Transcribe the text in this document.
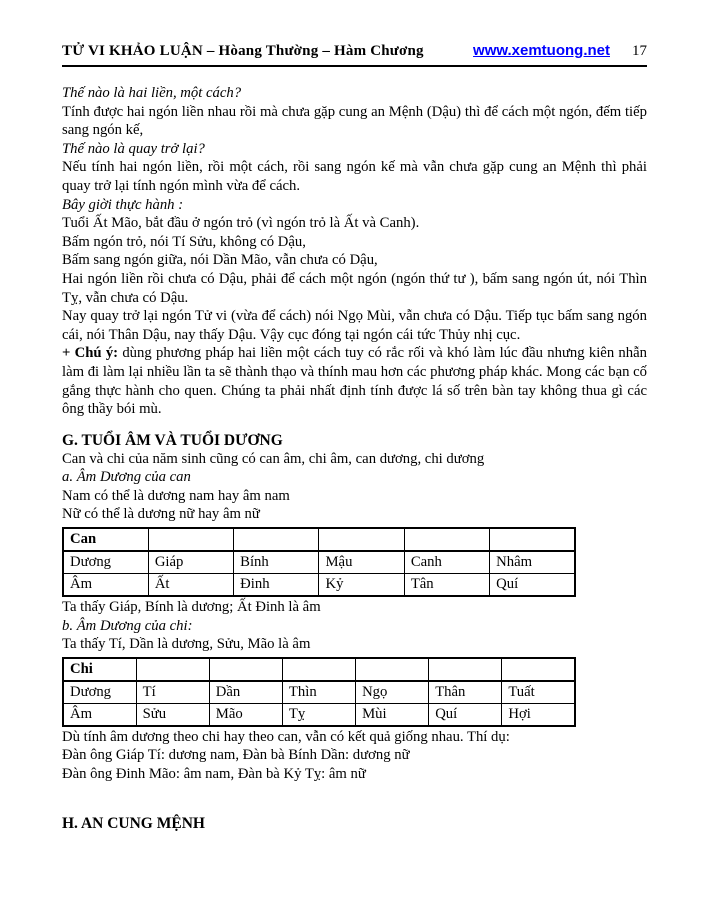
TỬ VI KHẢO LUẬN – Hòang Thường – Hàm Chương	www.xemtuong.net 17

Thế nào là hai liền, một cách?

Tính được hai ngón liền nhau rồi mà chưa gặp cung an Mệnh (Dậu) thì để cách một ngón, đếm tiếp sang ngón kế,

Thế nào là quay trở lại?

Nếu tính hai ngón liền, rồi một cách, rồi sang ngón kế mà vẫn chưa gặp cung an Mệnh thì phải quay trở lại tính ngón mình vừa để cách.

Bây giời thực hành :

Tuổi Ất Mão, bắt đầu ở ngón trỏ (vì ngón trỏ là Ất và Canh).

Bấm ngón trỏ, nói Tí Sửu, không có Dậu,

Bấm sang ngón giữa, nói Dần Mão, vẫn chưa có Dậu,

Hai ngón liền rồi chưa có Dậu, phải để cách một ngón (ngón thứ tư ), bấm sang ngón út, nói Thìn Tỵ, vẫn chưa có Dậu.

Nay quay trở lại ngón Tử vi (vừa để cách) nói Ngọ Mùi, vẫn chưa có Dậu. Tiếp tục bấm sang ngón cái, nói Thân Dậu, nay thấy Dậu. Vậy cục đóng tại ngón cái tức Thủy nhị cục.

+ Chú ý: dùng phương pháp hai liền một cách tuy có rắc rối và khó làm lúc đầu nhưng kiên nhẫn làm đi làm lại nhiều lần ta sẽ thành thạo và thính mau hơn các phương pháp khác. Mong các bạn cố gắng thực hành cho quen. Chúng ta phải nhất định tính được lá số trên bàn tay không thua gì các ông thầy bói mù.

G. TUỔI ÂM VÀ TUỔI DƯƠNG

Can và chi của năm sinh cũng có can âm, chi âm, can dương, chi dương

a. Âm Dương của can

Nam có thể là dương nam hay âm nam

Nữ có thể là dương nữ hay âm nữ

Can					
Dương	Giáp	Bính	Mậu	Canh	Nhâm
Âm	Ất	Đinh	Kỷ	Tân	Quí

Ta thấy Giáp, Bính là dương; Ất Đinh là âm

b. Âm Dương của chi:

Ta thấy Tí, Dần là dương, Sửu, Mão là âm

Chi						
Dương	Tí	Dần	Thìn	Ngọ	Thân	Tuất
Âm	Sửu	Mão	Tỵ	Mùi	Quí	Hợi

Dù tính âm dương theo chi hay theo can, vẫn có kết quả giống nhau. Thí dụ:

Đàn ông Giáp Tí: dương nam, Đàn bà Bính Dần: dương nữ

Đàn ông Đinh Mão: âm nam, Đàn bà Kỷ Tỵ: âm nữ

H. AN CUNG MỆNH
